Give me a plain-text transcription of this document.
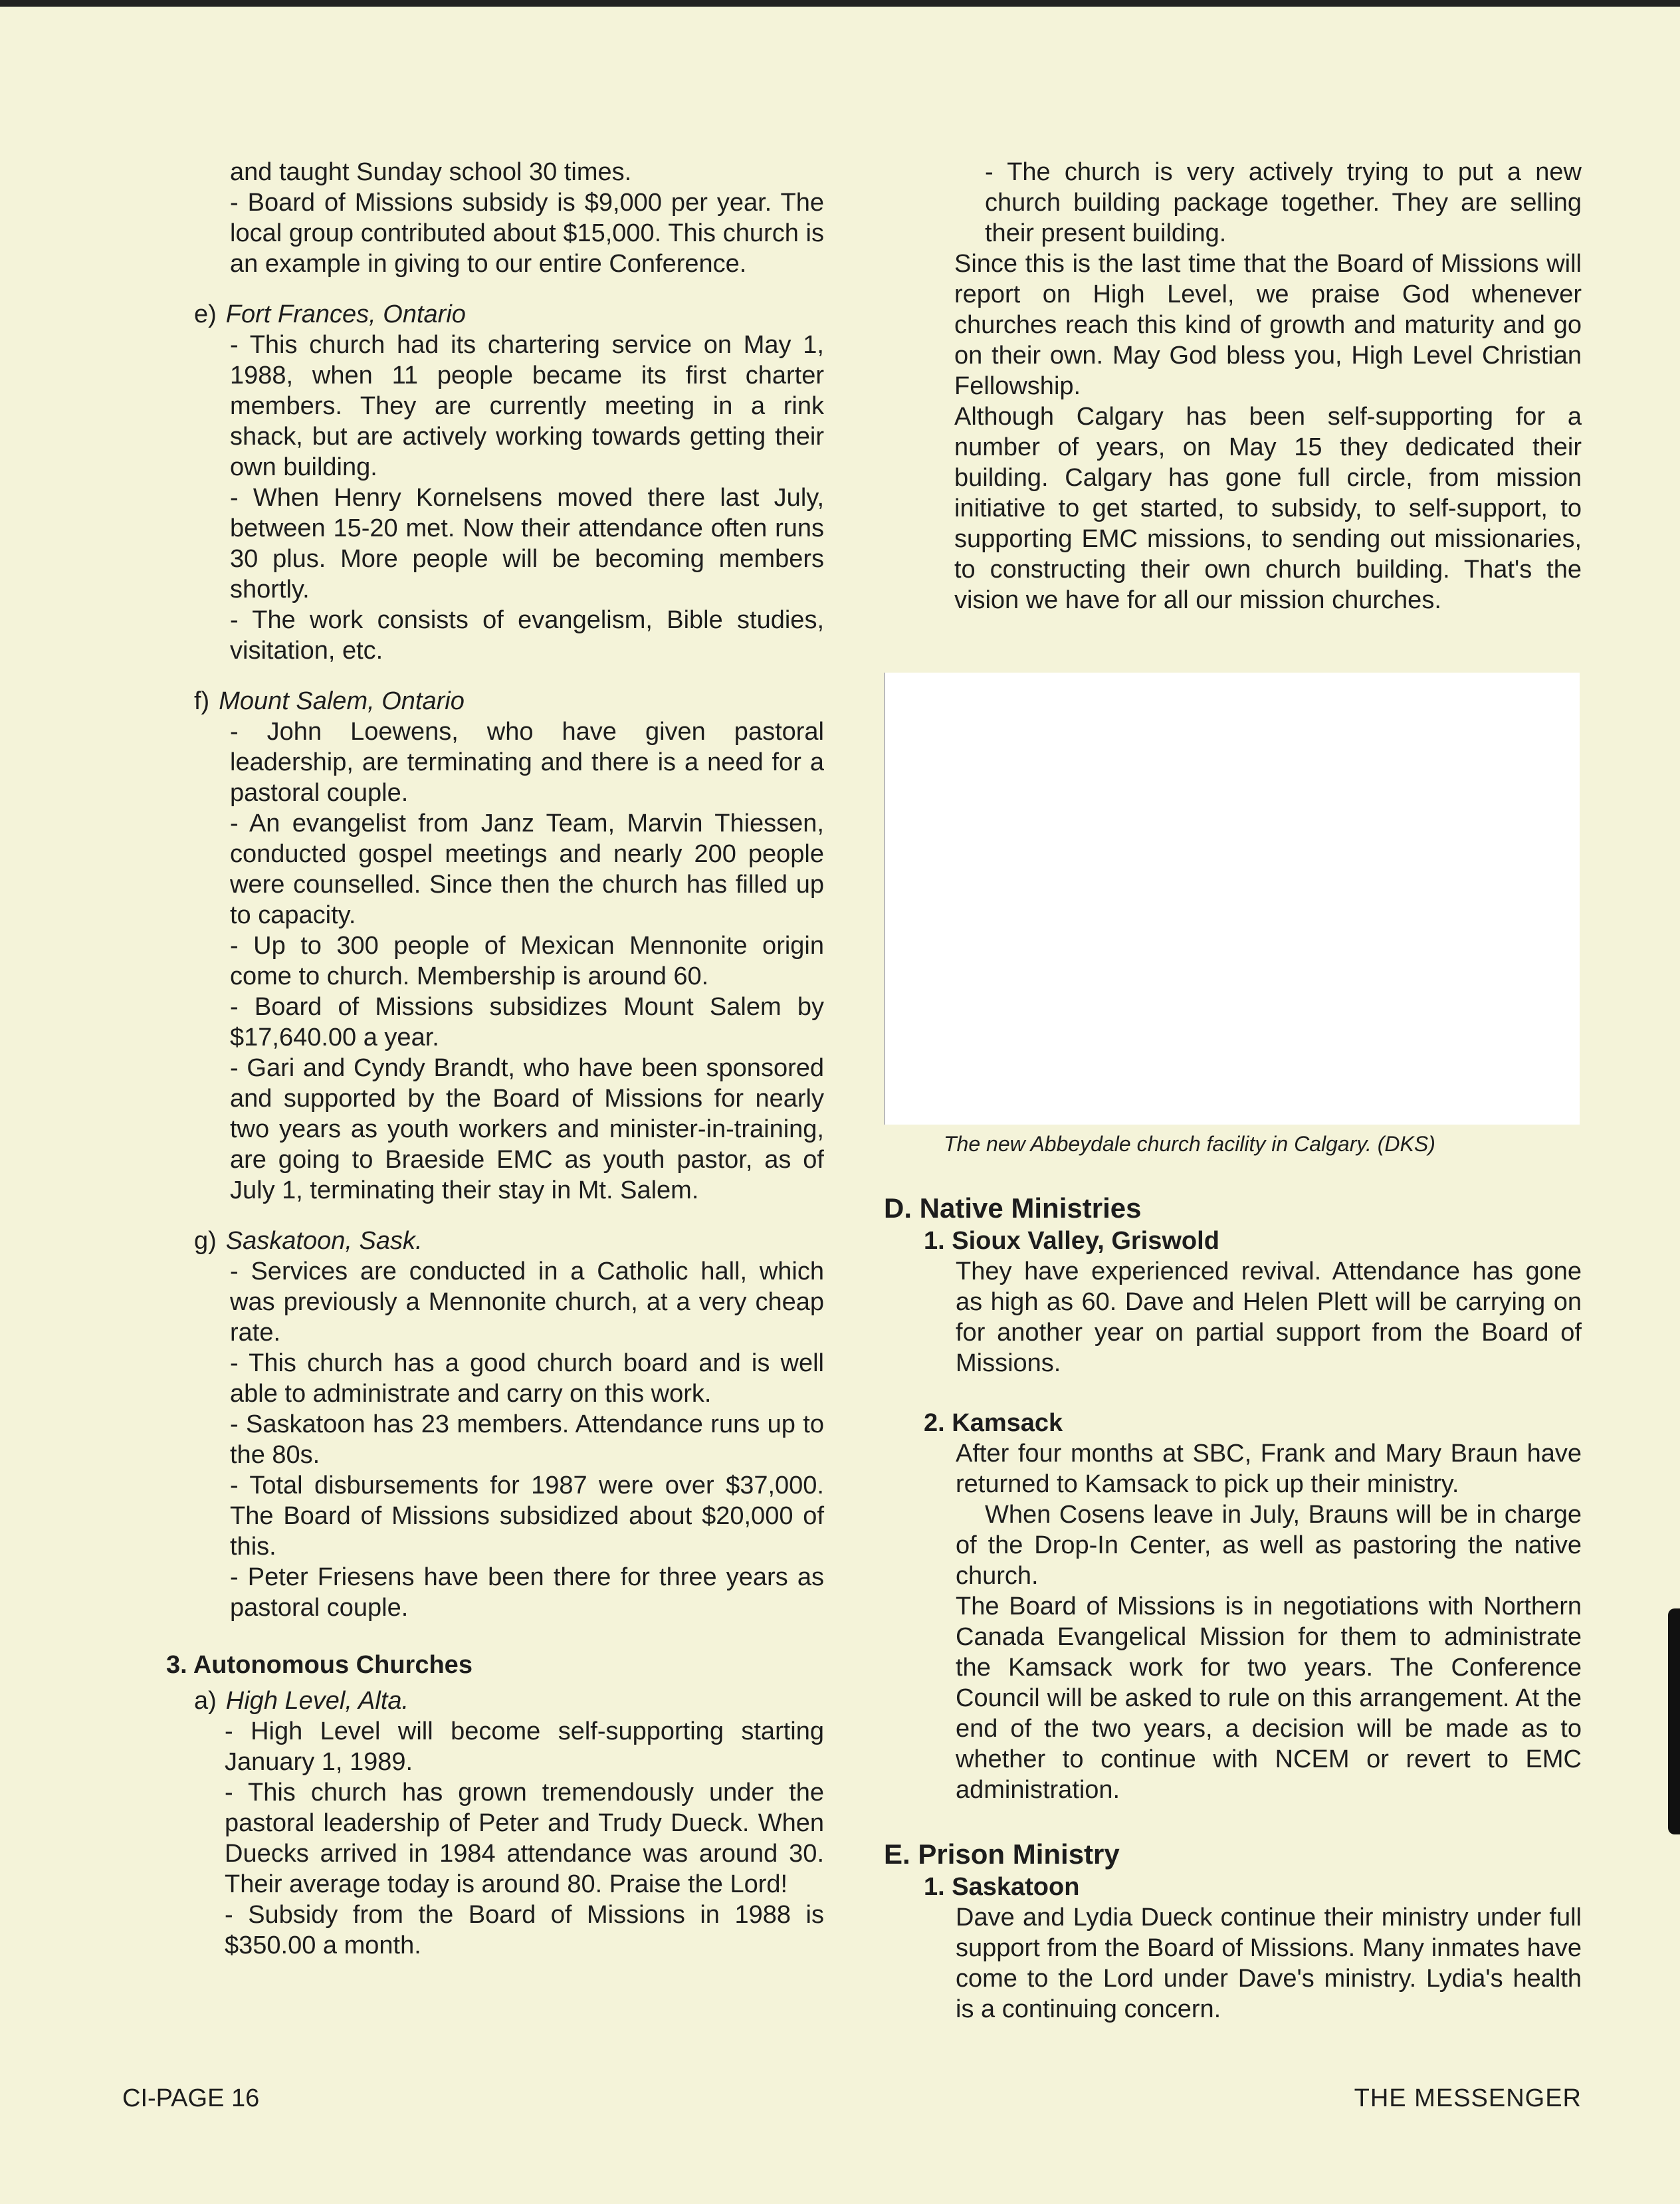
and taught Sunday school 30 times.

- Board of Missions subsidy is $9,000 per year. The local group contributed about $15,000. This church is an example in giving to our entire Conference.

e) Fort Frances, Ontario

- This church had its chartering service on May 1, 1988, when 11 people became its first charter members. They are currently meeting in a rink shack, but are actively working towards getting their own building.

- When Henry Kornelsens moved there last July, between 15-20 met. Now their attendance often runs 30 plus. More people will be becoming members shortly.

- The work consists of evangelism, Bible studies, visitation, etc.

f) Mount Salem, Ontario

- John Loewens, who have given pastoral leadership, are terminating and there is a need for a pastoral couple.

- An evangelist from Janz Team, Marvin Thiessen, conducted gospel meetings and nearly 200 people were counselled. Since then the church has filled up to capacity.

- Up to 300 people of Mexican Mennonite origin come to church. Membership is around 60.

- Board of Missions subsidizes Mount Salem by $17,640.00 a year.

- Gari and Cyndy Brandt, who have been sponsored and supported by the Board of Missions for nearly two years as youth workers and minister-in-training, are going to Braeside EMC as youth pastor, as of July 1, terminating their stay in Mt. Salem.

g) Saskatoon, Sask.

- Services are conducted in a Catholic hall, which was previously a Mennonite church, at a very cheap rate.

- This church has a good church board and is well able to administrate and carry on this work.

- Saskatoon has 23 members. Attendance runs up to the 80s.

- Total disbursements for 1987 were over $37,000. The Board of Missions subsidized about $20,000 of this.

- Peter Friesens have been there for three years as pastoral couple.

3. Autonomous Churches

a) High Level, Alta.

- High Level will become self-supporting starting January 1, 1989.

- This church has grown tremendously under the pastoral leadership of Peter and Trudy Dueck. When Duecks arrived in 1984 attendance was around 30. Their average today is around 80. Praise the Lord!

- Subsidy from the Board of Missions in 1988 is $350.00 a month.

- The church is very actively trying to put a new church building package together. They are selling their present building.

Since this is the last time that the Board of Missions will report on High Level, we praise God whenever churches reach this kind of growth and maturity and go on their own. May God bless you, High Level Christian Fellowship.

Although Calgary has been self-supporting for a number of years, on May 15 they dedicated their building. Calgary has gone full circle, from mission initiative to get started, to subsidy, to self-support, to supporting EMC missions, to sending out missionaries, to constructing their own church building. That's the vision we have for all our mission churches.

The new Abbeydale church facility in Calgary. (DKS)

D. Native Ministries

1. Sioux Valley, Griswold

They have experienced revival. Attendance has gone as high as 60. Dave and Helen Plett will be carrying on for another year on partial support from the Board of Missions.

2. Kamsack

After four months at SBC, Frank and Mary Braun have returned to Kamsack to pick up their ministry.

When Cosens leave in July, Brauns will be in charge of the Drop-In Center, as well as pastoring the native church.

The Board of Missions is in negotiations with Northern Canada Evangelical Mission for them to administrate the Kamsack work for two years. The Conference Council will be asked to rule on this arrangement. At the end of the two years, a decision will be made as to whether to continue with NCEM or revert to EMC administration.

E. Prison Ministry

1. Saskatoon

Dave and Lydia Dueck continue their ministry under full support from the Board of Missions. Many inmates have come to the Lord under Dave's ministry. Lydia's health is a continuing concern.

CI-PAGE 16	THE MESSENGER
